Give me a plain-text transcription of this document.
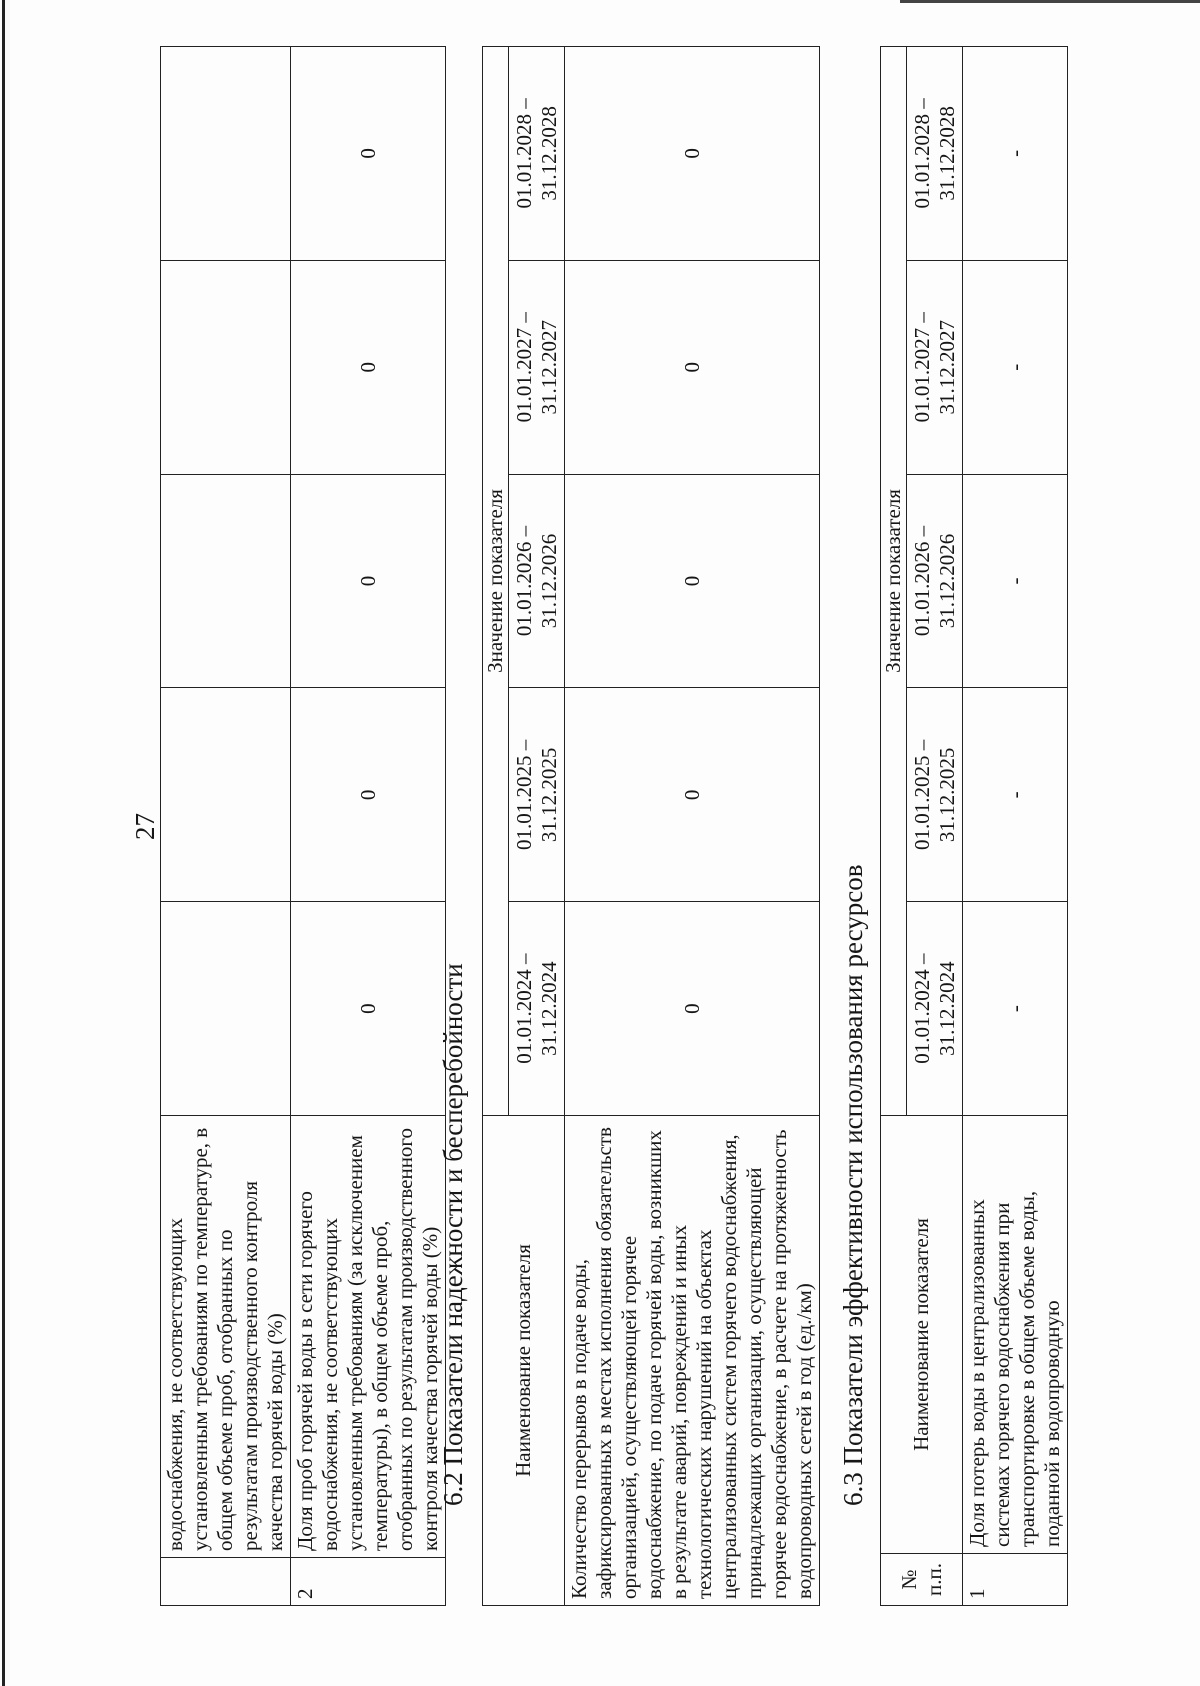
27
	водоснабжения, не соответствующих установленным требованиям по температуре, в общем объеме проб, отобранных по результатам производственного контроля качества горячей воды (%)					
2	Доля проб горячей воды в сети горячего водоснабжения, не соответствующих установленным требованиям (за исключением температуры), в общем объеме проб, отобранных по результатам производственного контроля качества горячей воды (%)	0	0	0	0	0
6.2 Показатели надежности и бесперебойности Наименование показателя	Значение показателя				
	01.01.2024 – 31.12.2024	01.01.2025 – 31.12.2025	01.01.2026 – 31.12.2026	01.01.2027 – 31.12.2027	01.01.2028 – 31.12.2028
Количество перерывов в подаче воды, зафиксированных в местах исполнения обязательств организацией, осуществляющей горячее водоснабжение, по подаче горячей воды, возникших в результате аварий, повреждений и иных технологических нарушений на объектах централизованных систем горячего водоснабжения, принадлежащих организации, осуществляющей горячее водоснабжение, в расчете на протяженность водопроводных сетей в год (ед./км)	0	0	0	0	0
6.3 Показатели эффективности использования ресурсов
№ п.п.	Наименование показателя	Значение показателя				
		01.01.2024 – 31.12.2024	01.01.2025 – 31.12.2025	01.01.2026 – 31.12.2026	01.01.2027 – 31.12.2027	01.01.2028 – 31.12.2028
1	Доля потерь воды в централизованных системах горячего водоснабжения при транспортировке в общем объеме воды, поданной в водопроводную	-	-	-	-	-
